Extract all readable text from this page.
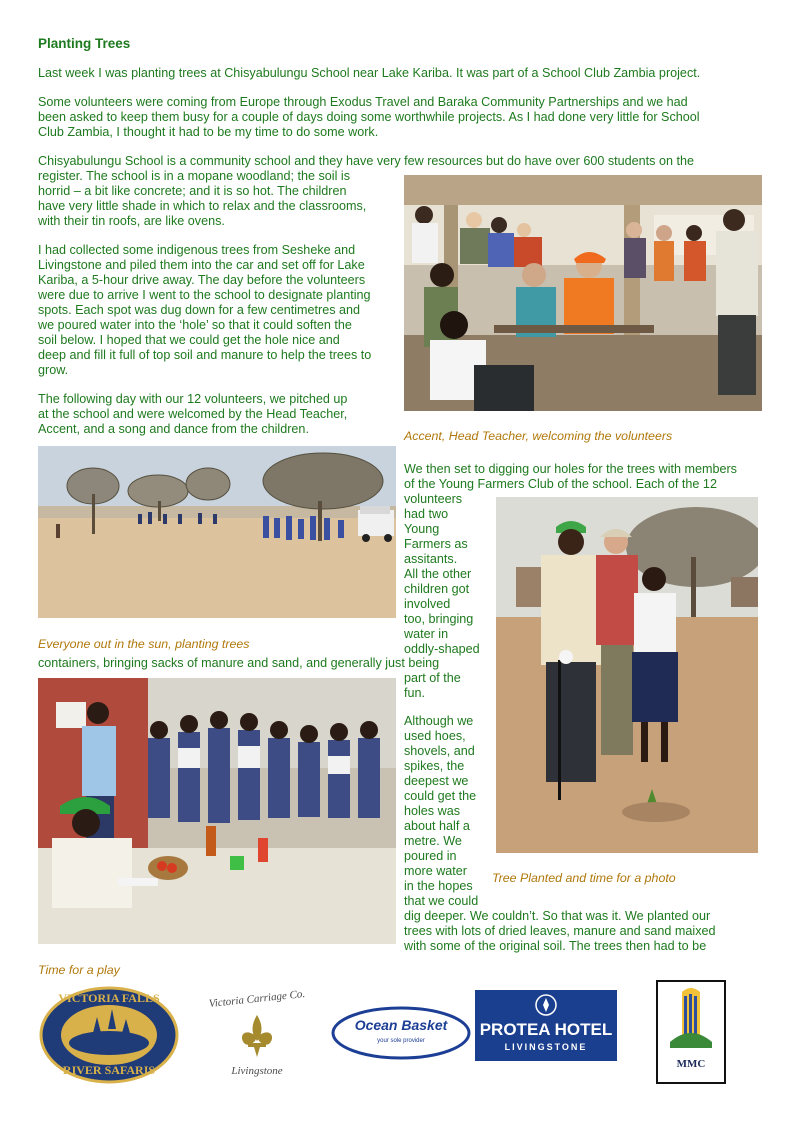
Planting Trees

Last week I was planting trees at Chisyabulungu School near Lake Kariba. It was part of a School Club Zambia project.

Some volunteers were coming from Europe through Exodus Travel and Baraka Community Partnerships and we had

been asked to keep them busy for a couple of days doing some worthwhile projects. As I had done very little for School

Club Zambia, I thought it had to be my time to do some work.

Chisyabulungu School is a community school and they have very few resources but do have over 600 students on the

register. The school is in a mopane woodland; the soil is

horrid – a bit like concrete; and it is so hot. The children

have very little shade in which to relax and the classrooms,

with their tin roofs, are like ovens.

I had collected some indigenous trees from Sesheke and

Livingstone and piled them into the car and set off for Lake

Kariba, a 5-hour drive away. The day before the volunteers

were due to arrive I went to the school to designate planting

spots. Each spot was dug down for a few centimetres and

we poured water into the ‘hole’ so that it could soften the

soil below. I hoped that we could get the hole nice and

deep and fill it full of top soil and manure to help the trees to

grow.

The following day with our 12 volunteers, we pitched up

at the school and were welcomed by the Head Teacher,

Accent, and a song and dance from the children.

Accent, Head Teacher, welcoming the volunteers

Everyone out in the sun, planting trees

We then set to digging our holes for the trees with members

of the Young Farmers Club of the school. Each of the 12

volunteers

had two

Young

Farmers as

assitants.

All the other

children got

involved

too, bringing

water in

oddly-shaped

containers, bringing sacks of manure and sand, and generally just being

part of the

fun.

Although we

used hoes,

shovels, and

spikes, the

deepest we

could get the

holes was

about half a

metre. We

poured in

more water

in the hopes

that we could

dig deeper. We couldn’t. So that was it. We planted our

trees with lots of dried leaves, manure and sand maixed

with some of the original soil. The trees then had to be

Tree Planted and time for a photo

Time for a play

VICTORIA FALLS
RIVER SAFARIS
Victoria Carriage Co.
Livingstone
Ocean Basket
your sole provider
PROTEA HOTEL
LIVINGSTONE
MMC
